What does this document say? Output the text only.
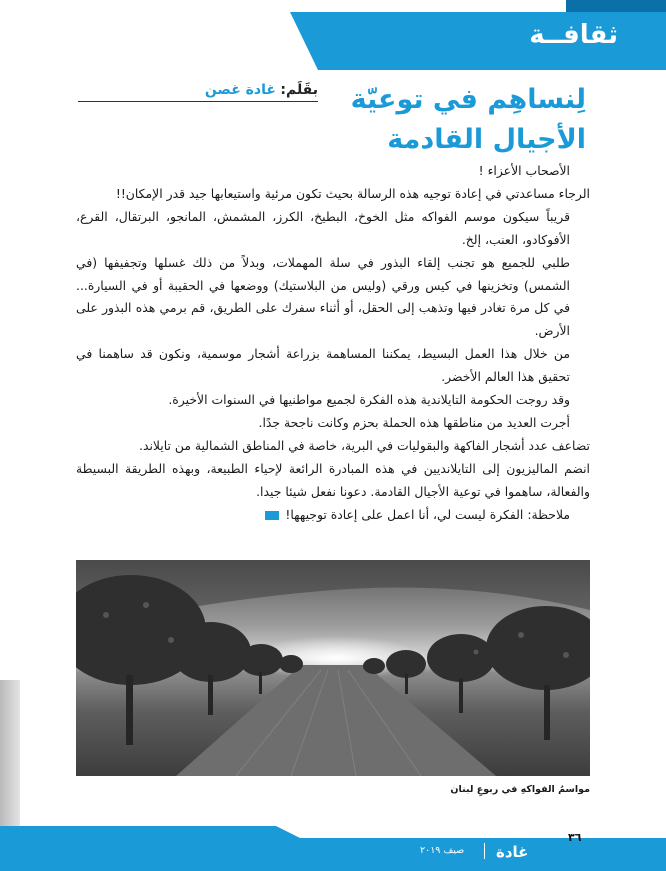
ثقافــة
بقَلَم: غادة غصن	لِنساهِم في توعيّة
الأجيال القادمة

الأصحاب الأعزاء !

الرجاء مساعدتي في إعادة توجيه هذه الرسالة بحيث تكون مرئية واستيعابها جيد قدر الإمكان!!

قريباً سيكون موسم الفواكه مثل الخوخ، البطيخ، الكرز، المشمش، المانجو، البرتقال، القرع، الأفوكادو، العنب، إلخ.

طلبي للجميع هو تجنب إلقاء البذور في سلة المهملات، وبدلاً من ذلك غسلها وتجفيفها (في الشمس) وتخزينها في كيس ورقي (وليس من البلاستيك) ووضعها في الحقيبة أو في السيارة... في كل مرة تغادر فيها وتذهب إلى الحقل، أو أثناء سفرك على الطريق، قم برمي هذه البذور على الأرض.

من خلال هذا العمل البسيط، يمكننا المساهمة بزراعة أشجار موسمية، ونكون قد ساهمنا في تحقيق هذا العالم الأخضر.

وقد روجت الحكومة التايلاندية هذه الفكرة لجميع مواطنيها في السنوات الأخيرة.

أجرت العديد من مناطقها هذه الحملة بحزم وكانت ناجحة جدًا.

تضاعف عدد أشجار الفاكهة والبقوليات في البرية، خاصة في المناطق الشمالية من تايلاند.

انضم الماليزيون إلى التايلانديين في هذه المبادرة الرائعة لإحياء الطبيعة، وبهذه الطريقة البسيطة والفعالة، ساهموا في توعية الأجيال القادمة. دعونا نفعل شيئا جيدا.

ملاحظة: الفكرة ليست لي، أنا اعمل على إعادة توجيهها!

مواسمُ الفواكهِ في ربوعِ لبنان
٣٦
غادة
صيف ٢٠١٩
